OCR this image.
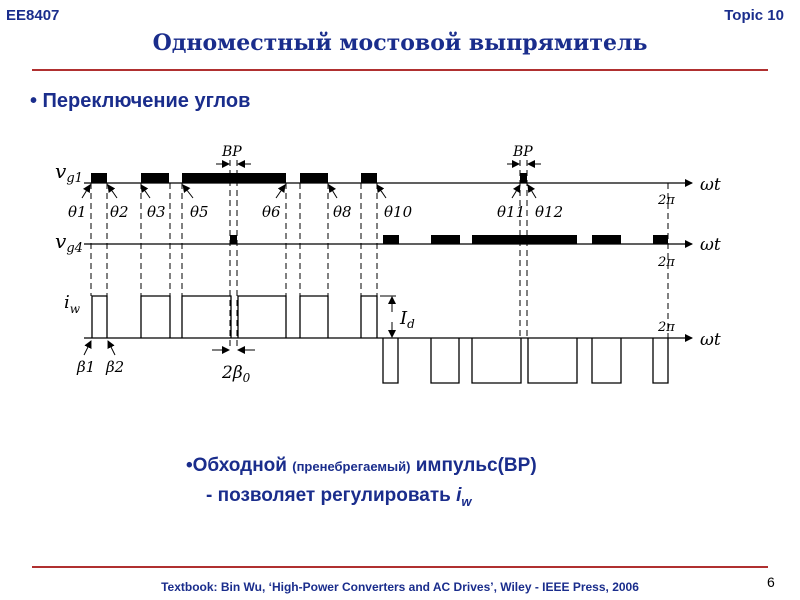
EE8407	Topic 10
Одноместный мостовой выпрямитель
• Переключение углов
$v_{g1}$
$v_{g4}$
$i_w$
ωt
ωt
ωt
2π
2π
2π
BP	BP
θ1 θ2 θ3 θ5	θ6	θ8 θ10	θ11 θ12
$I_d$
β1 β2	$2\beta_0$
•Обходной (пренебрегаемый) импульс(BP)
- позволяет регулировать $i_w$
Textbook: Bin Wu, ‘High-Power Converters and AC Drives’, Wiley - IEEE Press, 2006	6
